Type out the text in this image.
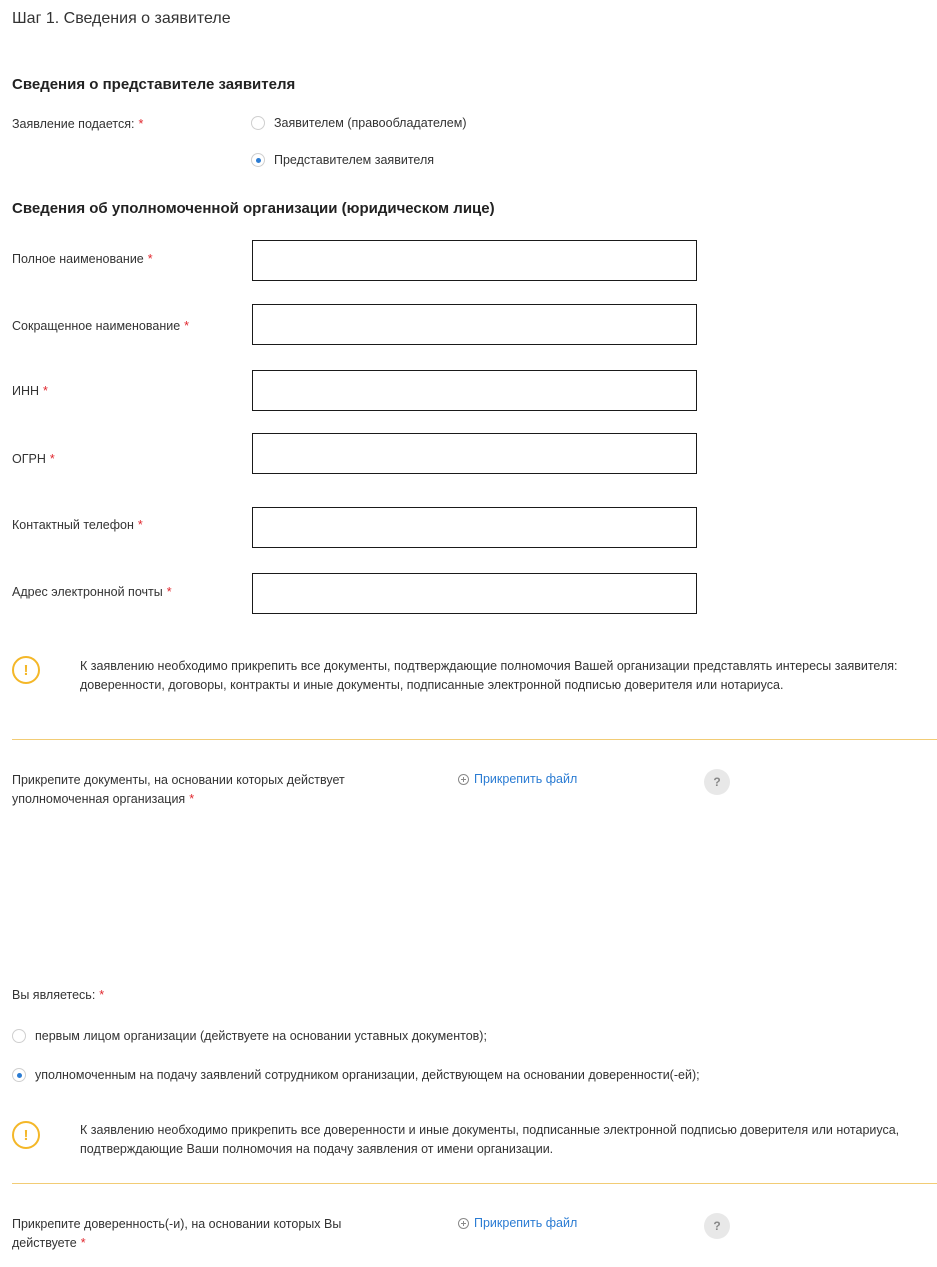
Шаг 1. Сведения о заявителе
Сведения о представителе заявителя
Заявление подается: *	Заявителем (правообладателем)
Представителем заявителя
Сведения об уполномоченной организации (юридическом лице)
Полное наименование *
Сокращенное наименование *
ИНН *
ОГРН *
Контактный телефон *
Адрес электронной почты *
!	К заявлению необходимо прикрепить все документы, подтверждающие полномочия Вашей организации представлять интересы заявителя: доверенности, договоры, контракты и иные документы, подписанные электронной подписью доверителя или нотариуса.
Прикрепите документы, на основании которых действует уполномоченная организация *
Прикрепить файл	?
Вы являетесь: *
первым лицом организации (действуете на основании уставных документов);
уполномоченным на подачу заявлений сотрудником организации, действующем на основании доверенности(-ей);
!	К заявлению необходимо прикрепить все доверенности и иные документы, подписанные электронной подписью доверителя или нотариуса, подтверждающие Ваши полномочия на подачу заявления от имени организации.
Прикрепите доверенность(-и), на основании которых Вы действуете *
Прикрепить файл	?
